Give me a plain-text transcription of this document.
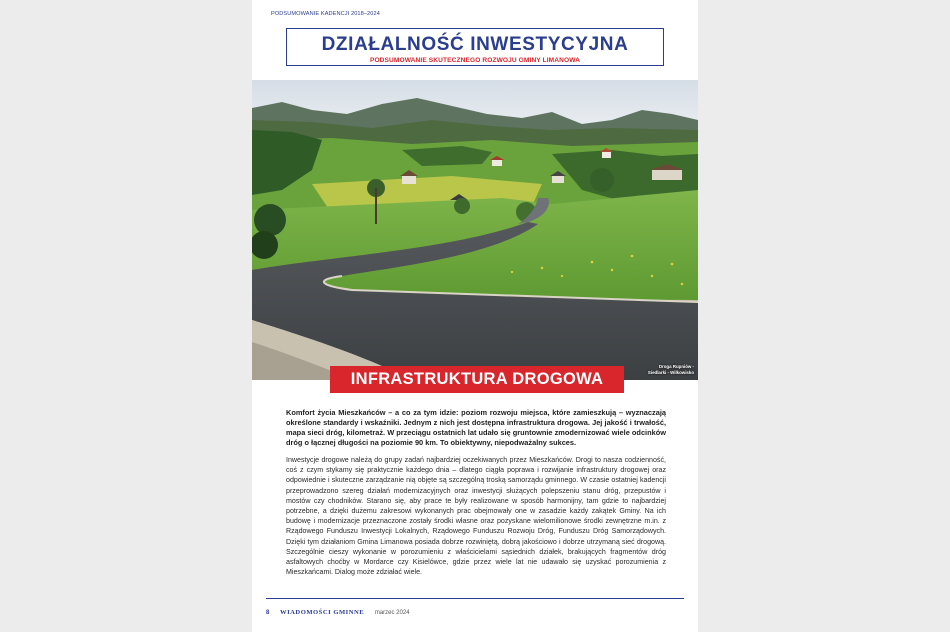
PODSUMOWANIE KADENCJI 2018–2024
DZIAŁALNOŚĆ INWESTYCYJNA
PODSUMOWANIE SKUTECZNEGO ROZWOJU GMINY LIMANOWA
Droga Rupniów -
Siedlarki - Wilkowisko
INFRASTRUKTURA DROGOWA
Komfort życia Mieszkańców – a co za tym idzie: poziom rozwoju miejsca, które zamieszkują – wyznaczają określone standardy i wskaźniki. Jednym z nich jest dostępna infrastruktura drogowa. Jej jakość i trwałość, mapa sieci dróg, kilometraż. W przeciągu ostatnich lat udało się gruntownie zmodernizować wiele odcinków dróg o łącznej długości na poziomie 90 km. To obiektywny, niepodważalny sukces.
Inwestycje drogowe należą do grupy zadań najbardziej oczekiwanych przez Mieszkańców. Drogi to nasza codzienność, coś z czym stykamy się praktycznie każdego dnia – dlatego ciągła poprawa i rozwijanie infrastruktury drogowej oraz odpowiednie i skuteczne zarządzanie nią objęte są szczególną troską samorządu gminnego. W czasie ostatniej kadencji przeprowadzono szereg działań modernizacyjnych oraz inwestycji służących polepszeniu stanu dróg, przepustów i mostów czy chodników. Starano się, aby prace te były realizowane w sposób harmonijny, tam gdzie to najbardziej potrzebne, a dzięki dużemu zakresowi wykonanych prac obejmowały one w zasadzie każdy zakątek Gminy. Na ich budowę i modernizacje przeznaczone zostały środki własne oraz pozyskane wielomilionowe środki zewnętrzne m.in. z Rządowego Funduszu Inwestycji Lokalnych, Rządowego Funduszu Rozwoju Dróg, Funduszu Dróg Samorządowych. Dzięki tym działaniom Gmina Limanowa posiada dobrze rozwiniętą, dobrą jakościowo i dobrze utrzymaną sieć drogową. Szczególnie cieszy wykonanie w porozumieniu z właścicielami sąsiednich działek, brakujących fragmentów dróg asfaltowych choćby w Mordarce czy Kisielówce, gdzie przez wiele lat nie udawało się uzyskać porozumienia z Mieszkańcami. Dialog może zdziałać wiele.
8 WIADOMOŚCI GMINNE marzec 2024
